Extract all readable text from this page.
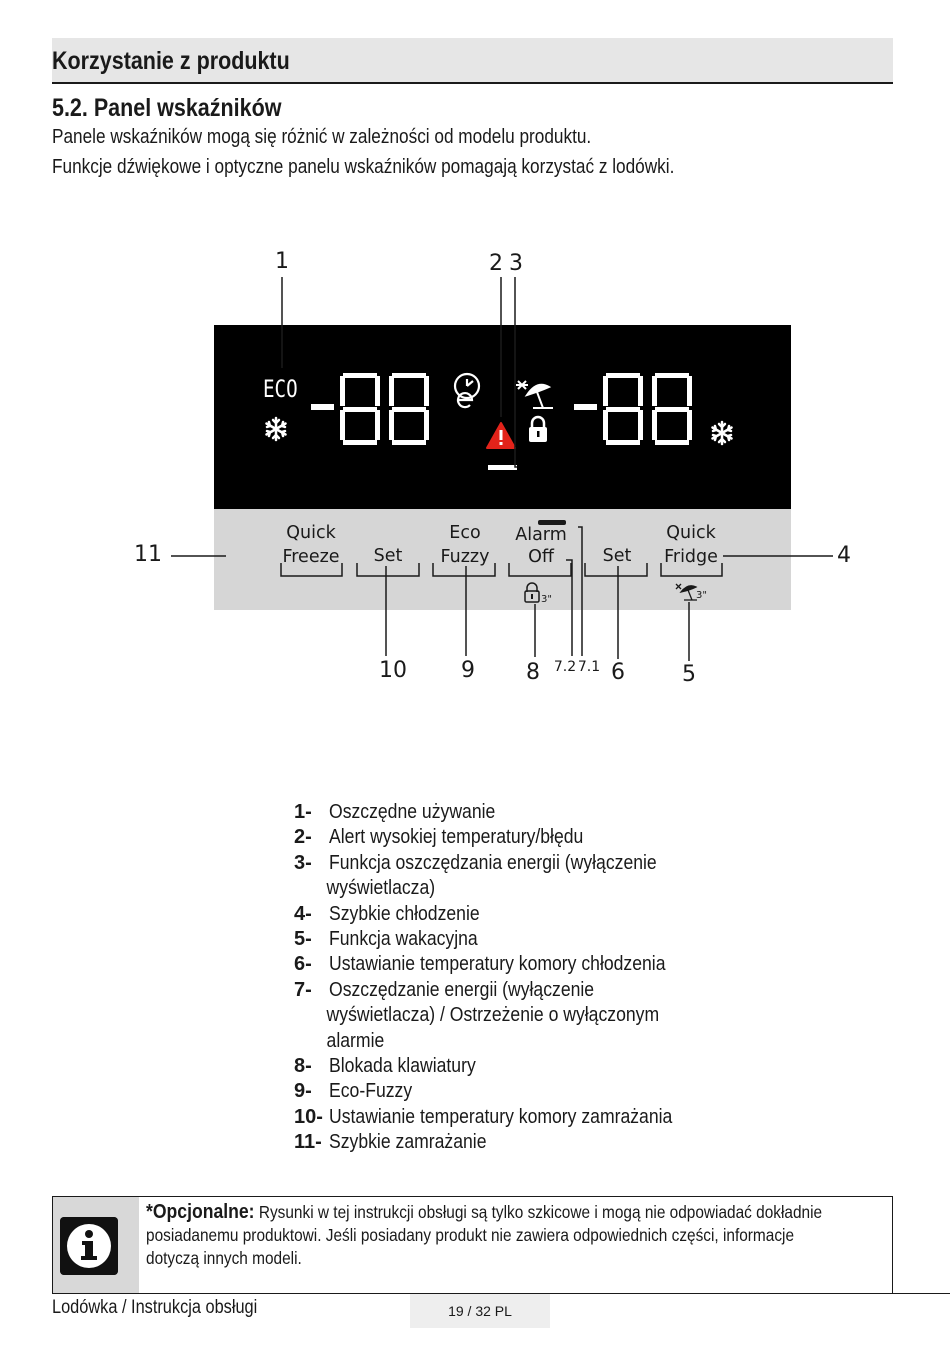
Korzystanie z produktu
5.2. Panel wskaźników
Panele wskaźników mogą się różnić w zależności od modelu produktu.
Funkcje dźwiękowe i optyczne panelu wskaźników pomagają korzystać z lodówki.
ECO
Quick
Freeze Set
Eco
Fuzzy
Alarm
Off	Set
Quick
Fridge
3"	3"
1	2 3
4
5
6
8
9
10
11
7.2 7.1
1- Oszczędne używanie
2- Alert wysokiej temperatury/błędu
3- Funkcja oszczędzania energii (wyłączenie
wyświetlacza)
4- Szybkie chłodzenie
5- Funkcja wakacyjna
6- Ustawianie temperatury komory chłodzenia
7- Oszczędzanie energii (wyłączenie
wyświetlacza) / Ostrzeżenie o wyłączonym
alarmie
8- Blokada klawiatury
9- Eco-Fuzzy
10- Ustawianie temperatury komory zamrażania
11- Szybkie zamrażanie
*Opcjonalne: Rysunki w tej instrukcji obsługi są tylko szkicowe i mogą nie odpowiadać dokładnie posiadanemu produktowi. Jeśli posiadany produkt nie zawiera odpowiednich części, informacje dotyczą innych modeli.
Lodówka / Instrukcja obsługi	19 / 32 PL
